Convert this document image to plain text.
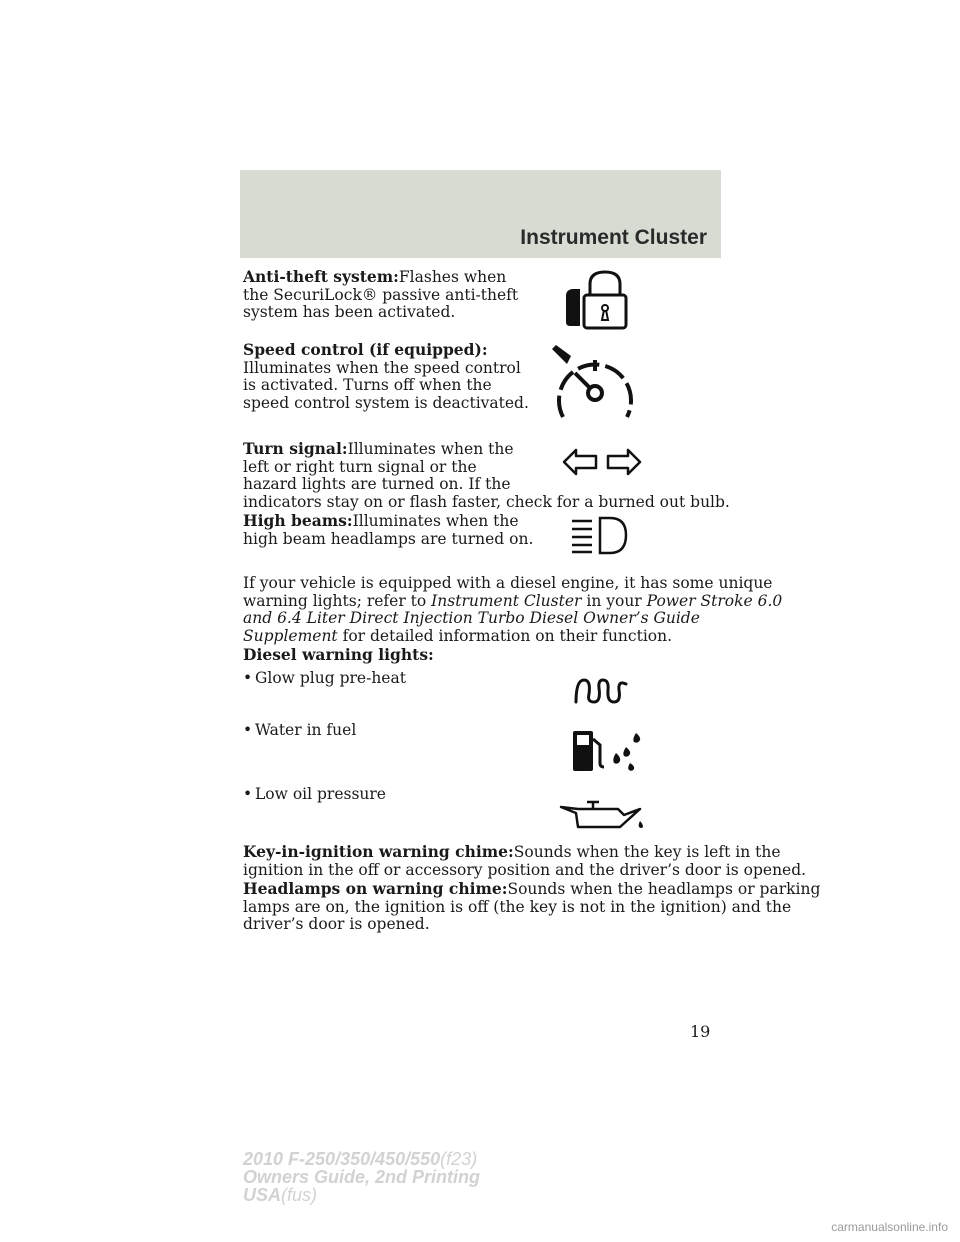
Instrument Cluster
Anti-theft system:Flashes when
the SecuriLock® passive anti-theft
system has been activated.
Speed control (if equipped):
Illuminates when the speed control
is activated. Turns off when the
speed control system is deactivated.
Turn signal:Illuminates when the
left or right turn signal or the
hazard lights are turned on. If the
indicators stay on or flash faster, check for a burned out bulb.
High beams:Illuminates when the
high beam headlamps are turned on.
If your vehicle is equipped with a diesel engine, it has some unique
warning lights; refer to Instrument Cluster in your Power Stroke 6.0
and 6.4 Liter Direct Injection Turbo Diesel Owner’s Guide
Supplement for detailed information on their function.
Diesel warning lights:
• Glow plug pre-heat
• Water in fuel
• Low oil pressure
Key-in-ignition warning chime:Sounds when the key is left in the
ignition in the off or accessory position and the driver’s door is opened.
Headlamps on warning chime:Sounds when the headlamps or parking
lamps are on, the ignition is off (the key is not in the ignition) and the
driver’s door is opened.
19
2010 F-250/350/450/550(f23)
Owners Guide, 2nd Printing
USA(fus)
carmanualsonline.info
